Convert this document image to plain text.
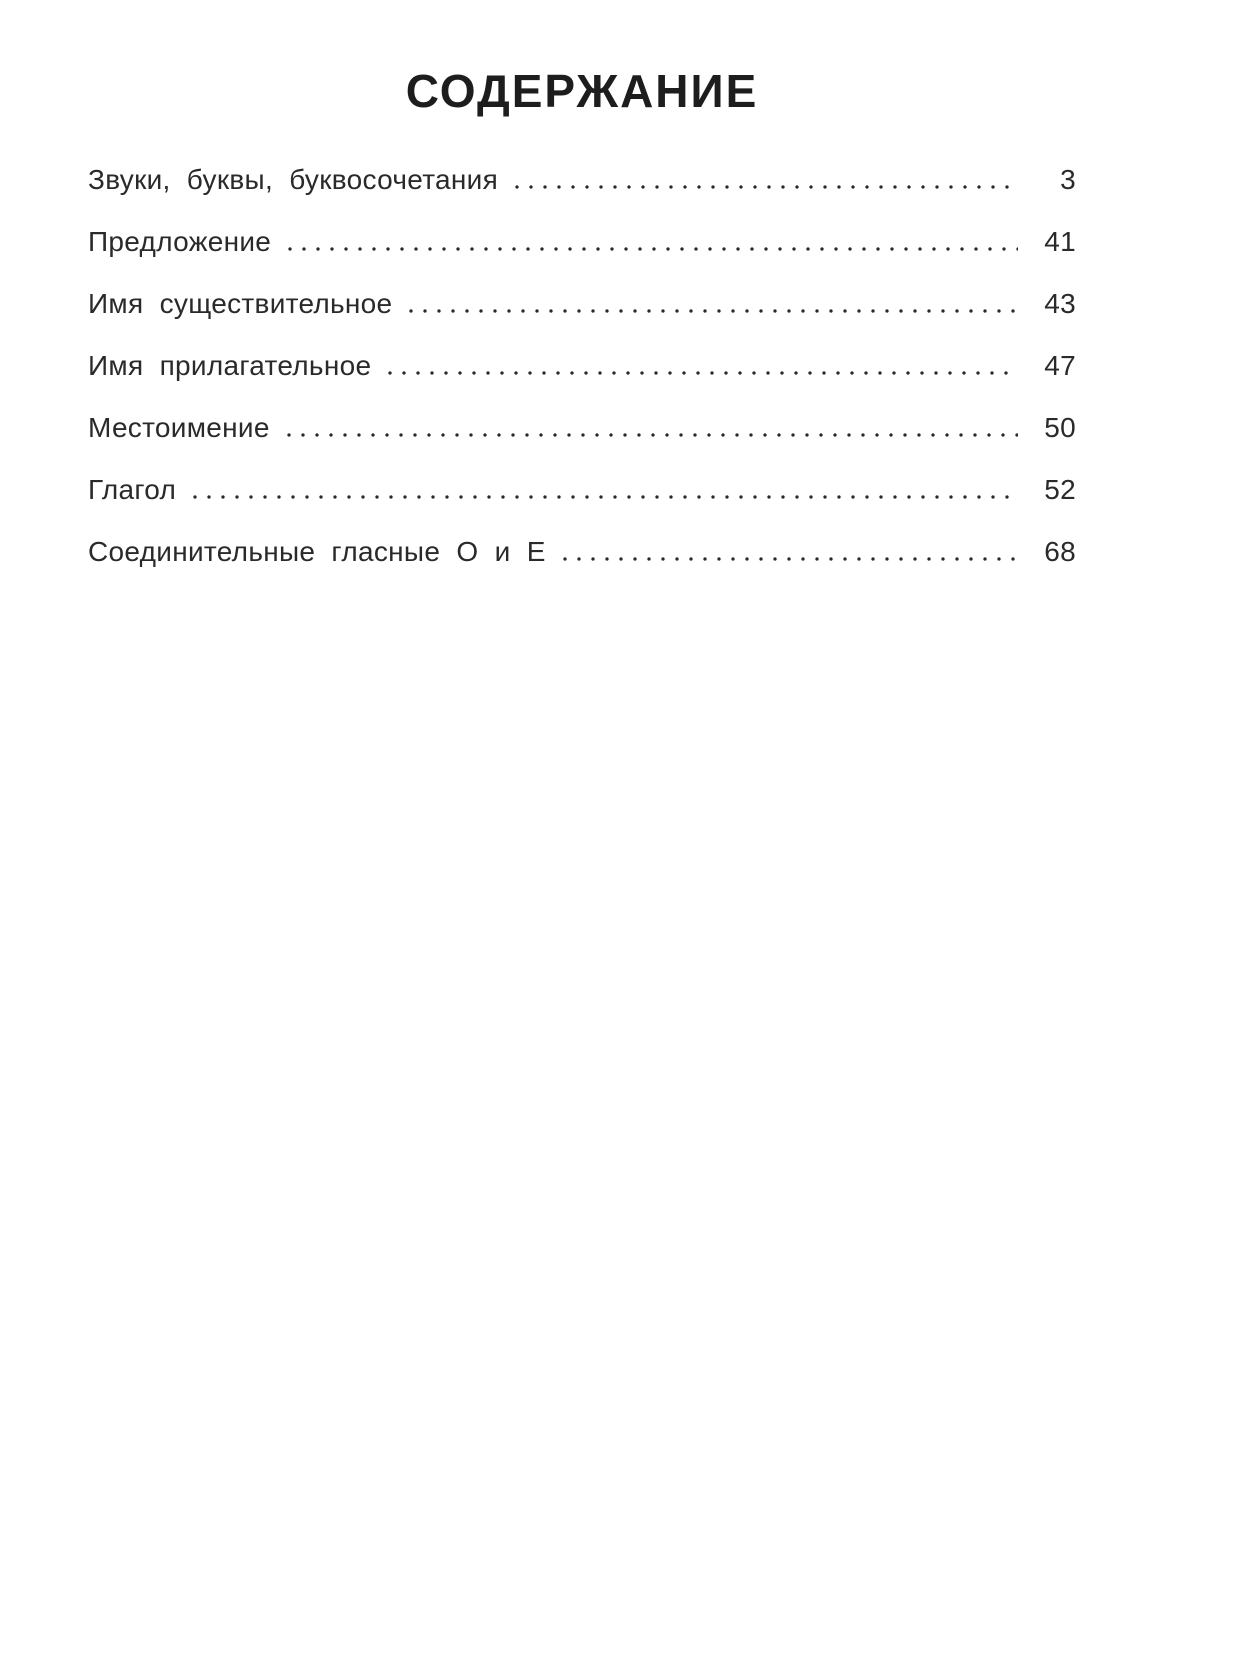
СОДЕРЖАНИЕ
Звуки,  буквы,  буквосочетания	3
Предложение	41
Имя  существительное	43
Имя  прилагательное	47
Местоимение	50
Глагол	52
Соединительные  гласные  О  и  Е	68
